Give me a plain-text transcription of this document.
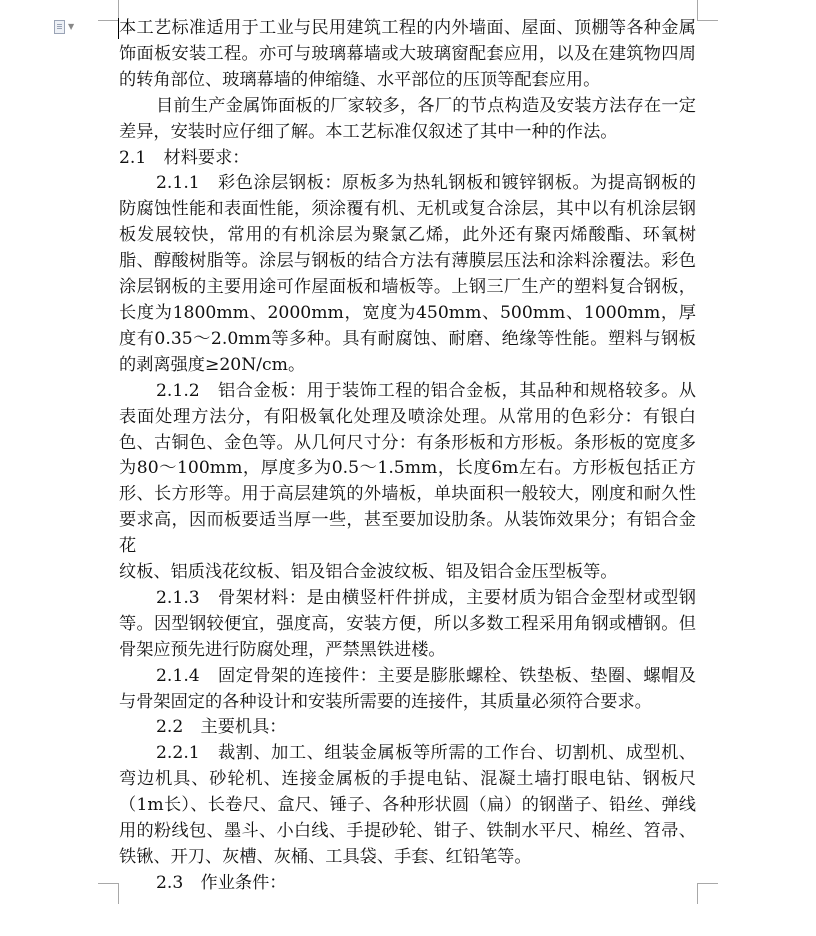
▼	本工艺标准适用于工业与民用建筑工程的内外墙面、屋面、顶棚等各种金属饰面板安装工程。亦可与玻璃幕墙或大玻璃窗配套应用，以及在建筑物四周的转角部位、玻璃幕墙的伸缩缝、水平部位的压顶等配套应用。

目前生产金属饰面板的厂家较多，各厂的节点构造及安装方法存在一定差异，安装时应仔细了解。本工艺标准仅叙述了其中一种的作法。

2.1　材料要求：

2.1.1　彩色涂层钢板：原板多为热轧钢板和镀锌钢板。为提高钢板的防腐蚀性能和表面性能，须涂覆有机、无机或复合涂层，其中以有机涂层钢板发展较快，常用的有机涂层为聚氯乙烯，此外还有聚丙烯酸酯、环氧树脂、醇酸树脂等。涂层与钢板的结合方法有薄膜层压法和涂料涂覆法。彩色涂层钢板的主要用途可作屋面板和墙板等。上钢三厂生产的塑料复合钢板，长度为1800mm、2000mm，宽度为450mm、500mm、1000mm，厚度有0.35～2.0mm等多种。具有耐腐蚀、耐磨、绝缘等性能。塑料与钢板的剥离强度≥20N/cm。

2.1.2　铝合金板：用于装饰工程的铝合金板，其品种和规格较多。从表面处理方法分，有阳极氧化处理及喷涂处理。从常用的色彩分：有银白色、古铜色、金色等。从几何尺寸分：有条形板和方形板。条形板的宽度多为80～100mm，厚度多为0.5～1.5mm，长度6m左右。方形板包括正方形、长方形等。用于高层建筑的外墙板，单块面积一般较大，刚度和耐久性要求高，因而板要适当厚一些，甚至要加设肋条。从装饰效果分；有铝合金花

纹板、铝质浅花纹板、铝及铝合金波纹板、铝及铝合金压型板等。

2.1.3　骨架材料：是由横竖杆件拼成，主要材质为铝合金型材或型钢等。因型钢较便宜，强度高，安装方便，所以多数工程采用角钢或槽钢。但骨架应预先进行防腐处理，严禁黑铁进楼。

2.1.4　固定骨架的连接件：主要是膨胀螺栓、铁垫板、垫圈、螺帽及与骨架固定的各种设计和安装所需要的连接件，其质量必须符合要求。

2.2　主要机具：

2.2.1　裁割、加工、组装金属板等所需的工作台、切割机、成型机、弯边机具、砂轮机、连接金属板的手提电钻、混凝土墙打眼电钻、钢板尺（1m长）、长卷尺、盒尺、锤子、各种形状圆（扁）的钢凿子、铅丝、弹线用的粉线包、墨斗、小白线、手提砂轮、钳子、铁制水平尺、棉丝、笤帚、铁锹、开刀、灰槽、灰桶、工具袋、手套、红铅笔等。

2.3　作业条件：
